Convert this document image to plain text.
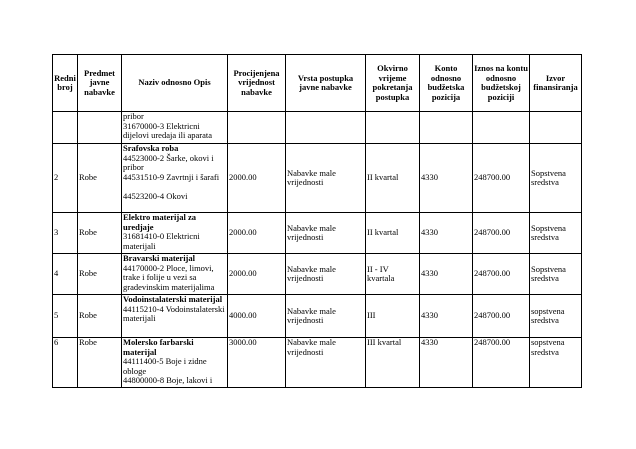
Redni broj	Predmet javne nabavke	Naziv odnosno Opis	Procijenjena vrijednost nabavke	Vrsta postupka javne nabavke	Okvirno vrijeme pokretanja postupka	Konto odnosno budžetska pozicija	Iznos na kontu odnosno budžetskoj poziciji	Izvor finansiranja

		pribor
31670000-3 Elektricni dijelovi uredaja ili aparata						

2	Robe	Srafovska roba
44523000-2 Šarke, okovi i pribor
44531510-9 Zavrtnji i šarafi
44523200-4 Okovi	2000.00	Nabavke male vrijednosti	II kvartal	4330	248700.00	Sopstvena sredstva
3	Robe	Elektro materijal za uredjaje
31681410-0 Elektricni materijali	2000.00	Nabavke male vrijednosti	II kvartal	4330	248700.00	Sopstvena sredstva
4	Robe	Bravarski materijal
44170000-2 Ploce, limovi, trake i folije u vezi sa gradevinskim materijalima	2000.00	Nabavke male vrijednosti	II - IV kvartala	4330	248700.00	Sopstvena sredstva
5	Robe	Vodoinstalaterski materijal
44115210-4 Vodoinstalaterski materijali	4000.00	Nabavke male vrijednosti	III	4330	248700.00	sopstvena sredstva
6	Robe	Molersko farbarski materijal
44111400-5 Boje i zidne obloge
44800000-8 Boje, lakovi i	3000.00	Nabavke male vrijednosti	III kvartal	4330	248700.00	sopstvena sredstva
